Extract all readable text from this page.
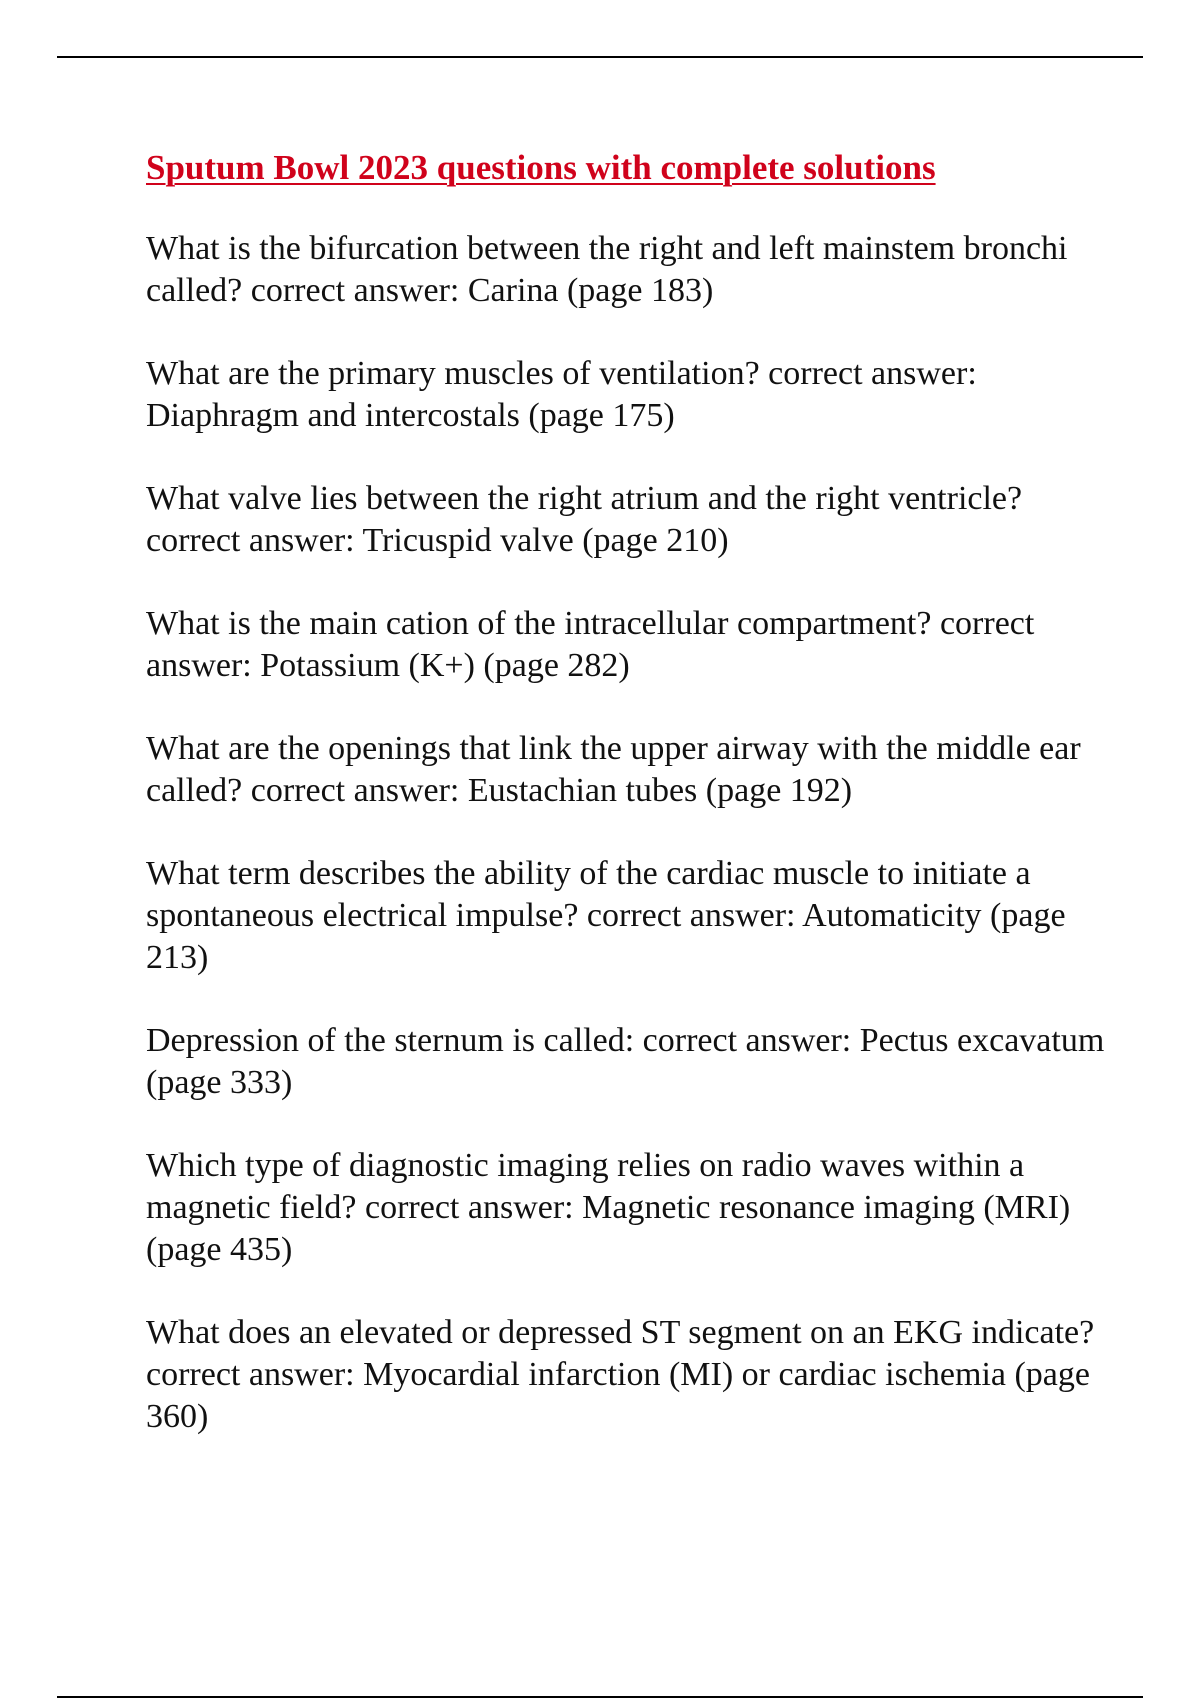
Sputum Bowl 2023 questions with complete solutions

What is the bifurcation between the right and left mainstem bronchi called? correct answer: Carina (page 183)

What are the primary muscles of ventilation? correct answer: Diaphragm and intercostals (page 175)

What valve lies between the right atrium and the right ventricle? correct answer: Tricuspid valve (page 210)

What is the main cation of the intracellular compartment? correct answer: Potassium (K+) (page 282)

What are the openings that link the upper airway with the middle ear called? correct answer: Eustachian tubes (page 192)

What term describes the ability of the cardiac muscle to initiate a spontaneous electrical impulse? correct answer: Automaticity (page 213)

Depression of the sternum is called: correct answer: Pectus excavatum (page 333)

Which type of diagnostic imaging relies on radio waves within a magnetic field? correct answer: Magnetic resonance imaging (MRI) (page 435)

What does an elevated or depressed ST segment on an EKG indicate? correct answer: Myocardial infarction (MI) or cardiac ischemia (page 360)
